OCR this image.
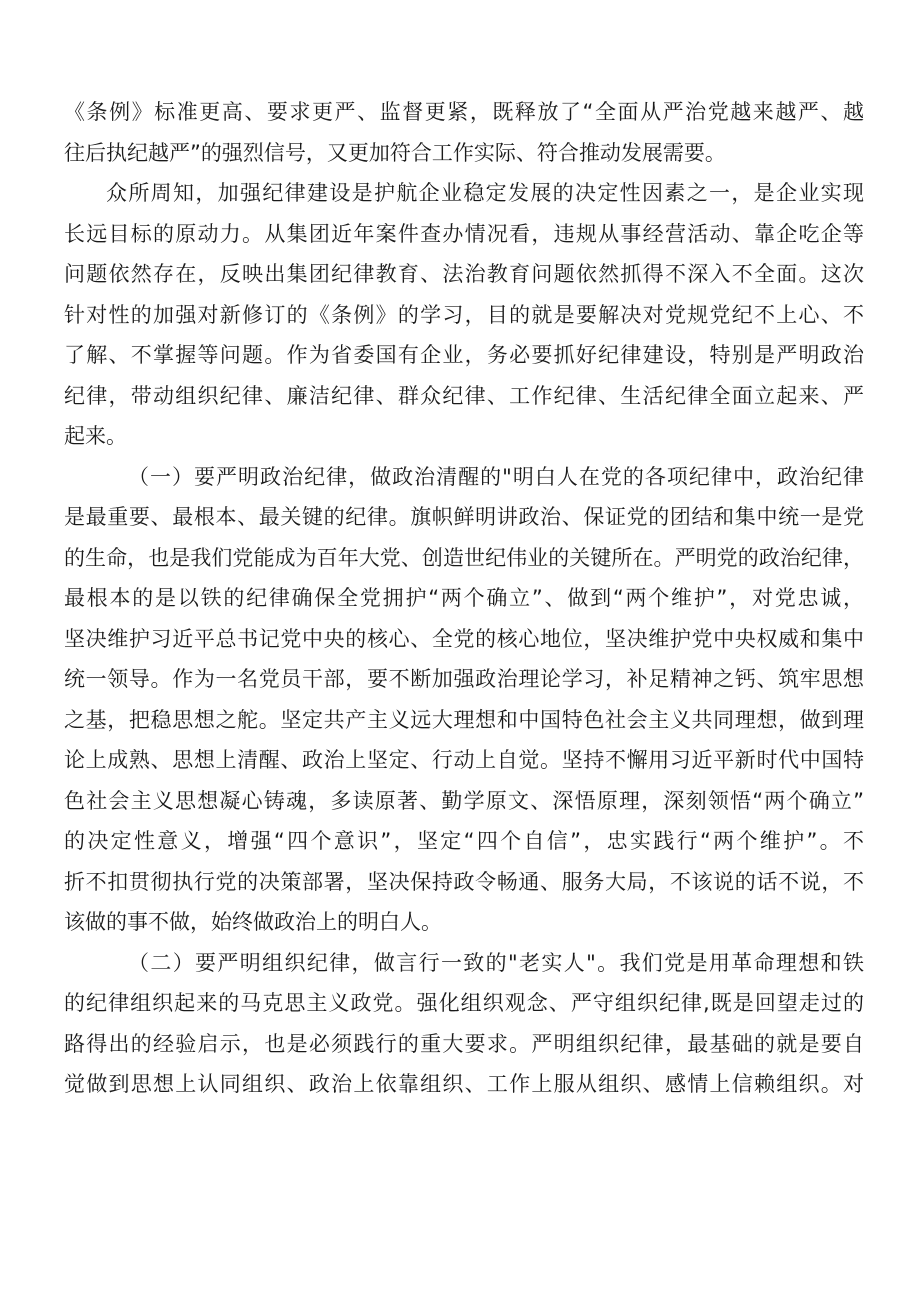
《条例》标准更高、要求更严、监督更紧，既释放了“全面从严治党越来越严、越
往后执纪越严”的强烈信号，又更加符合工作实际、符合推动发展需要。
众所周知，加强纪律建设是护航企业稳定发展的决定性因素之一，是企业实现
长远目标的原动力。从集团近年案件查办情况看，违规从事经营活动、靠企吃企等
问题依然存在，反映出集团纪律教育、法治教育问题依然抓得不深入不全面。这次
针对性的加强对新修订的《条例》的学习，目的就是要解决对党规党纪不上心、不
了解、不掌握等问题。作为省委国有企业，务必要抓好纪律建设，特别是严明政治
纪律，带动组织纪律、廉洁纪律、群众纪律、工作纪律、生活纪律全面立起来、严
起来。
（一）要严明政治纪律，做政治清醒的"明白人在党的各项纪律中，政治纪律
是最重要、最根本、最关键的纪律。旗帜鲜明讲政治、保证党的团结和集中统一是党
的生命，也是我们党能成为百年大党、创造世纪伟业的关键所在。严明党的政治纪律，
最根本的是以铁的纪律确保全党拥护“两个确立”、做到“两个维护”，对党忠诚，
坚决维护习近平总书记党中央的核心、全党的核心地位，坚决维护党中央权威和集中
统一领导。作为一名党员干部，要不断加强政治理论学习，补足精神之钙、筑牢思想
之基，把稳思想之舵。坚定共产主义远大理想和中国特色社会主义共同理想，做到理
论上成熟、思想上清醒、政治上坚定、行动上自觉。坚持不懈用习近平新时代中国特
色社会主义思想凝心铸魂，多读原著、勤学原文、深悟原理，深刻领悟“两个确立”
的决定性意义，增强“四个意识”，坚定“四个自信”，忠实践行“两个维护”。不
折不扣贯彻执行党的决策部署，坚决保持政令畅通、服务大局，不该说的话不说，不
该做的事不做，始终做政治上的明白人。
（二）要严明组织纪律，做言行一致的"老实人"。我们党是用革命理想和铁
的纪律组织起来的马克思主义政党。强化组织观念、严守组织纪律,既是回望走过的
路得出的经验启示，也是必须践行的重大要求。严明组织纪律，最基础的就是要自
觉做到思想上认同组织、政治上依靠组织、工作上服从组织、感情上信赖组织。对
